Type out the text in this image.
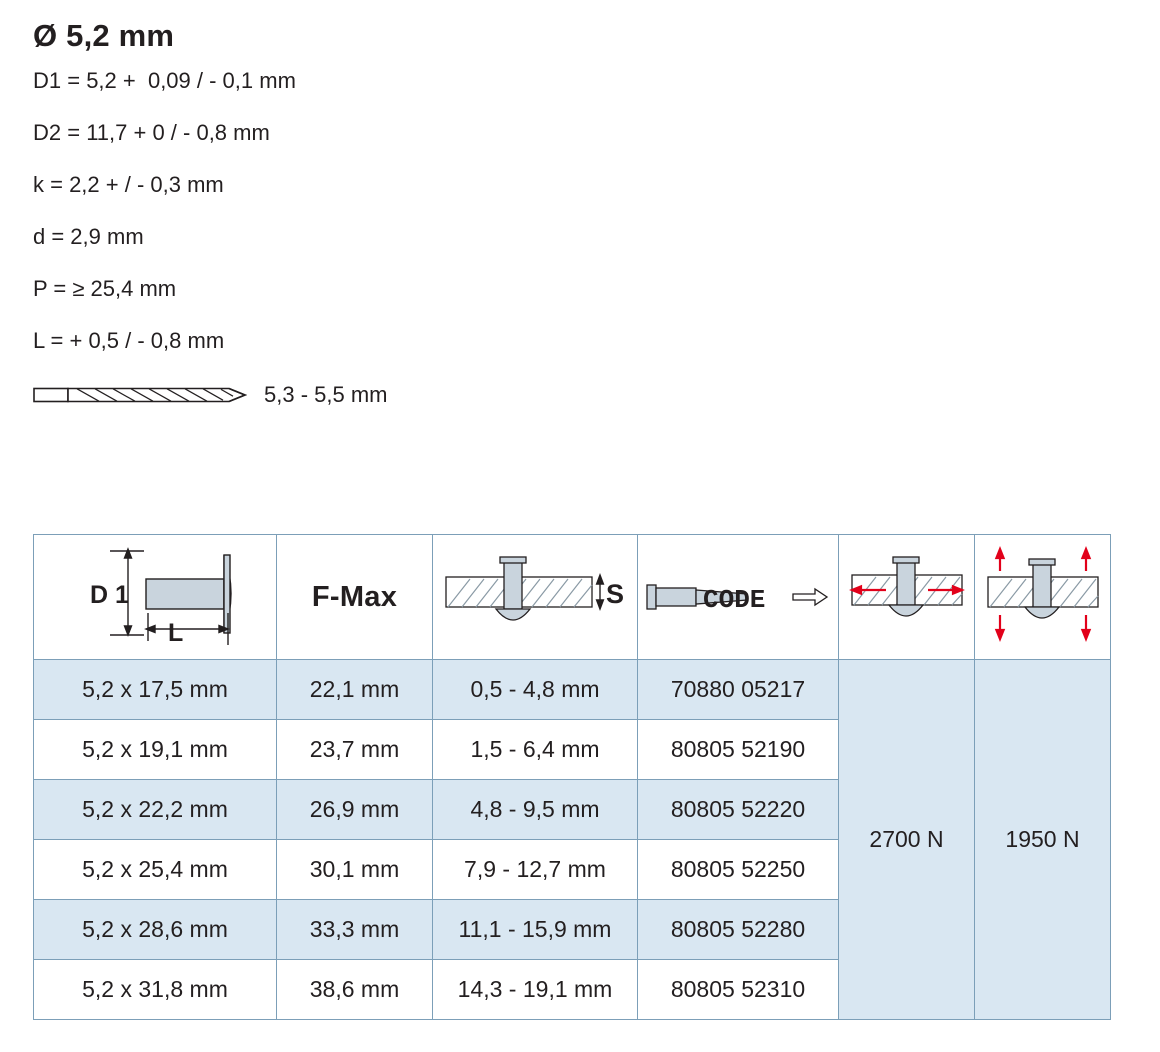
Ø 5,2 mm
D1 = 5,2 +  0,09 / - 0,1 mm
D2 = 11,7 + 0 / - 0,8 mm
k = 2,2 + / - 0,3 mm
d = 2,9 mm
P = ≥ 25,4 mm
L = + 0,5 / - 0,8 mm
5,3 - 5,5 mm
D 1
L	F-Max	S	CODE

5,2 x 17,5 mm	22,1 mm	0,5 - 4,8 mm	70880 05217	2700 N	1950 N
5,2 x 19,1 mm	23,7 mm	1,5 - 6,4 mm	80805 52190		
5,2 x 22,2 mm	26,9 mm	4,8 - 9,5 mm	80805 52220		
5,2 x 25,4 mm	30,1 mm	7,9 - 12,7 mm	80805 52250		
5,2 x 28,6 mm	33,3 mm	11,1 - 15,9 mm	80805 52280		
5,2 x 31,8 mm	38,6 mm	14,3 - 19,1 mm	80805 52310		
